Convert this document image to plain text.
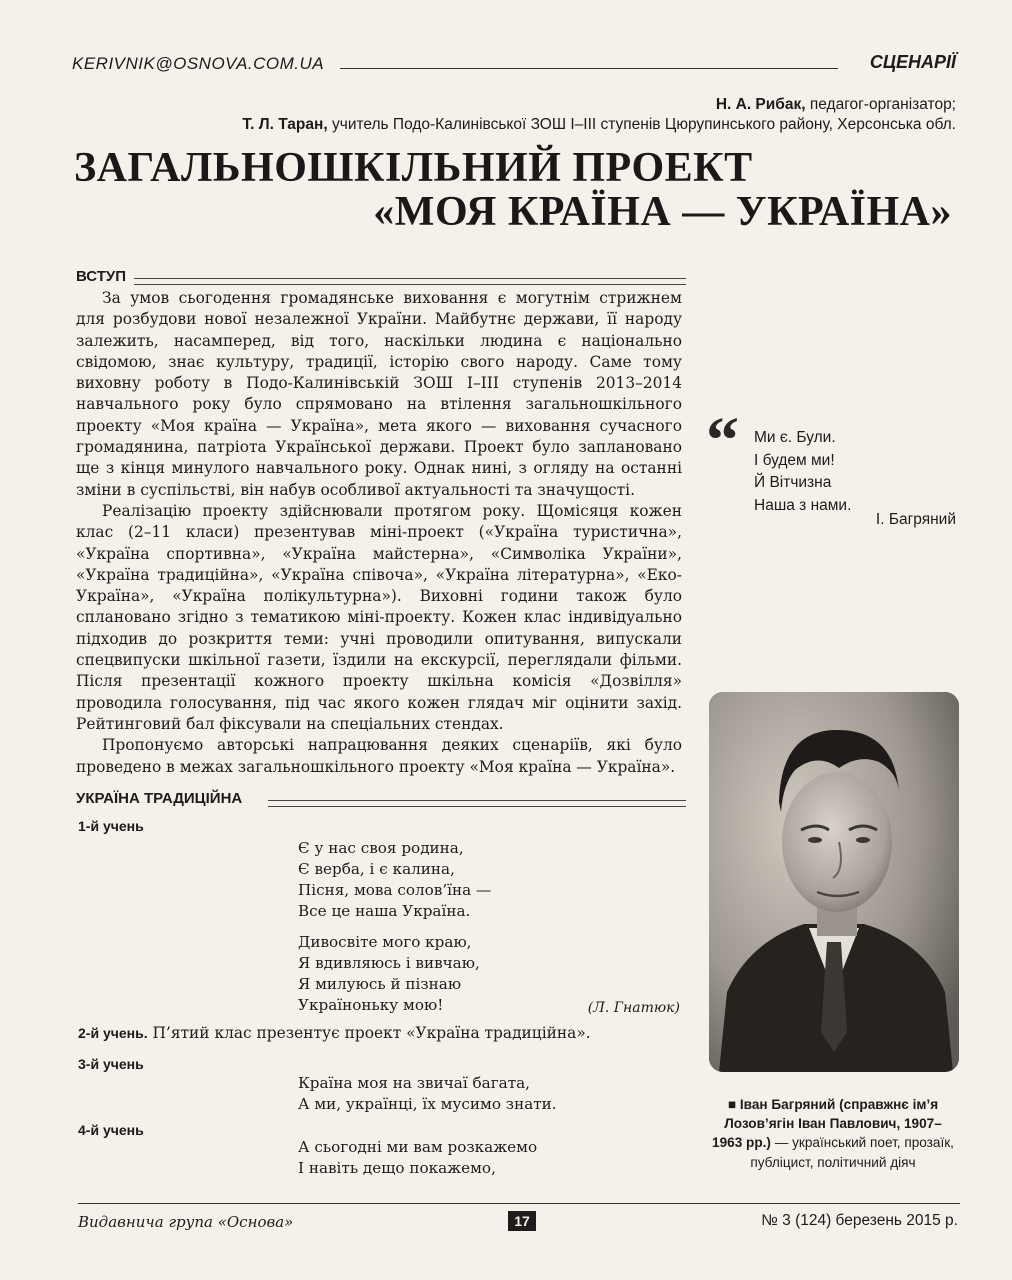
KERIVNIK@OSNOVA.COM.UA	СЦЕНАРІЇ
Н. А. Рибак, педагог-організатор;
Т. Л. Таран, учитель Подо-Калинівської ЗОШ І–ІІІ ступенів Цюрупинського району, Херсонська обл.
ЗАГАЛЬНОШКІЛЬНИЙ ПРОЕКТ
«МОЯ КРАЇНА — УКРАЇНА»
ВСТУП

За умов сьогодення громадянське виховання є могутнім стрижнем для розбудови нової незалежної України. Майбутнє держави, її народу залежить, насамперед, від того, наскільки людина є національно свідомою, знає культуру, традиції, історію свого народу. Саме тому виховну роботу в Подо-Калинівській ЗОШ І–ІІІ ступенів 2013–2014 навчального року було спрямовано на втілення загальношкільного проекту «Моя країна — Україна», мета якого — виховання сучасного громадянина, патріота Української держави. Проект було заплановано ще з кінця минулого навчального року. Однак нині, з огляду на останні зміни в суспільстві, він набув особливої актуальності та значущості.

Реалізацію проекту здійснювали протягом року. Щомісяця кожен клас (2–11 класи) презентував міні-проект («Україна туристична», «Україна спортивна», «Україна майстерна», «Символіка України», «Україна традиційна», «Україна співоча», «Україна літературна», «Еко-Україна», «Україна полікультурна»). Виховні години також було сплановано згідно з тематикою міні-проекту. Кожен клас індивідуально підходив до розкриття теми: учні проводили опитування, випускали спецвипуски шкільної газети, їздили на екскурсії, переглядали фільми. Після презентації кожного проекту шкільна комісія «Дозвілля» проводила голосування, під час якого кожен глядач міг оцінити захід. Рейтинговий бал фіксували на спеціальних стендах.

Пропонуємо авторські напрацювання деяких сценаріїв, які було проведено в межах загальношкільного проекту «Моя країна — Україна».

УКРАЇНА ТРАДИЦІЙНА
1-й учень
Є у нас своя родина,
Є верба, і є калина,
Пісня, мова солов’їна —
Все це наша Україна.
Дивосвіте мого краю,
Я вдивляюсь і вивчаю,
Я милуюсь й пізнаю
Україноньку мою!	(Л. Гнатюк)
2-й учень. П’ятий клас презентує проект «Україна традиційна».
3-й учень
Країна моя на звичаї багата,
А ми, українці, їх мусимо знати.
4-й учень
А сьогодні ми вам розкажемо
І навіть дещо покажемо,
“ Ми є. Були.
І будем ми!
Й Вітчизна
Наша з нами.
І. Багряний
■ Іван Багряний (справжнє ім’я Лозов’ягін Іван Павлович, 1907–1963 рр.) — український поет, прозаїк, публіцист, політичний діяч
Видавнича група «Основа»	17	№ 3 (124) березень 2015 р.
